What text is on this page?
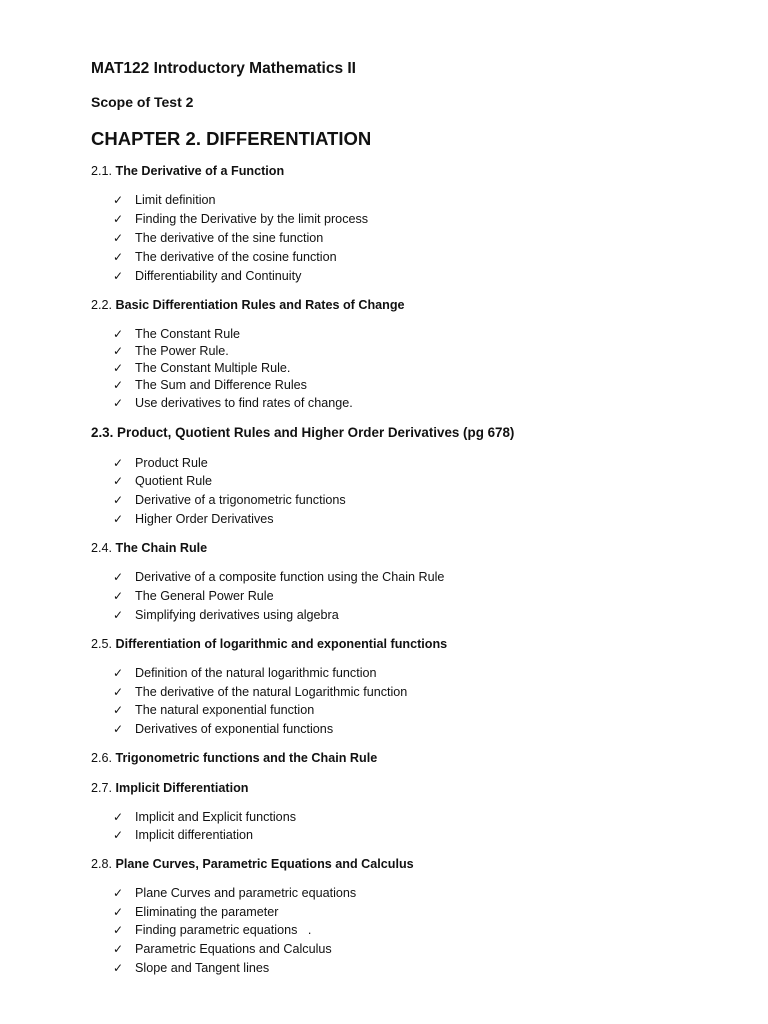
MAT122 Introductory Mathematics II
Scope of Test 2
CHAPTER 2. DIFFERENTIATION
2.1. The Derivative of a Function
✓ Limit definition
✓ Finding the Derivative by the limit process
✓ The derivative of the sine function
✓ The derivative of the cosine function
✓ Differentiability and Continuity
2.2. Basic Differentiation Rules and Rates of Change
✓ The Constant Rule
✓ The Power Rule.
✓ The Constant Multiple Rule.
✓ The Sum and Difference Rules
✓ Use derivatives to find rates of change.
2.3. Product, Quotient Rules and Higher Order Derivatives (pg 678)
✓ Product Rule
✓ Quotient Rule
✓ Derivative of a trigonometric functions
✓ Higher Order Derivatives
2.4. The Chain Rule
✓ Derivative of a composite function using the Chain Rule
✓ The General Power Rule
✓ Simplifying derivatives using algebra
2.5. Differentiation of logarithmic and exponential functions
✓ Definition of the natural logarithmic function
✓ The derivative of the natural Logarithmic function
✓ The natural exponential function
✓ Derivatives of exponential functions
2.6. Trigonometric functions and the Chain Rule
2.7. Implicit Differentiation
✓ Implicit and Explicit functions
✓ Implicit differentiation
2.8. Plane Curves, Parametric Equations and Calculus
✓ Plane Curves and parametric equations
✓ Eliminating the parameter
✓ Finding parametric equations   .
✓ Parametric Equations and Calculus
✓ Slope and Tangent lines
